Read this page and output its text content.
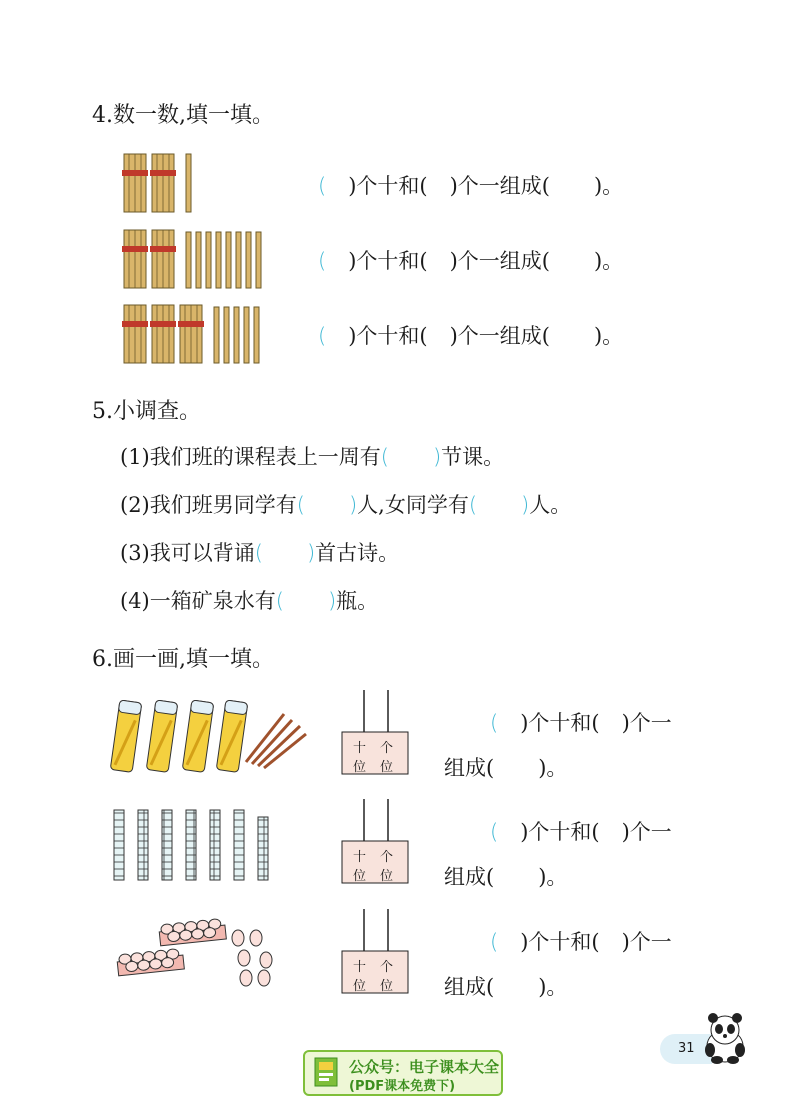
4.数一数,填一填。
( )个十和( )个一组成( )。
( )个十和( )个一组成( )。
( )个十和( )个一组成( )。
5.小调查。
(1)我们班的课程表上一周有( )节课。
(2)我们班男同学有( )人,女同学有( )人。
(3)我可以背诵( )首古诗。
(4)一箱矿泉水有( )瓶。
6.画一画,填一填。
十
位
个
位
( )个十和( )个一
组成( )。
十
位
个
位
( )个十和( )个一
组成( )。
十
位
个
位
( )个十和( )个一
组成( )。
31
公众号：电子课本大全
(PDF课本免费下)
